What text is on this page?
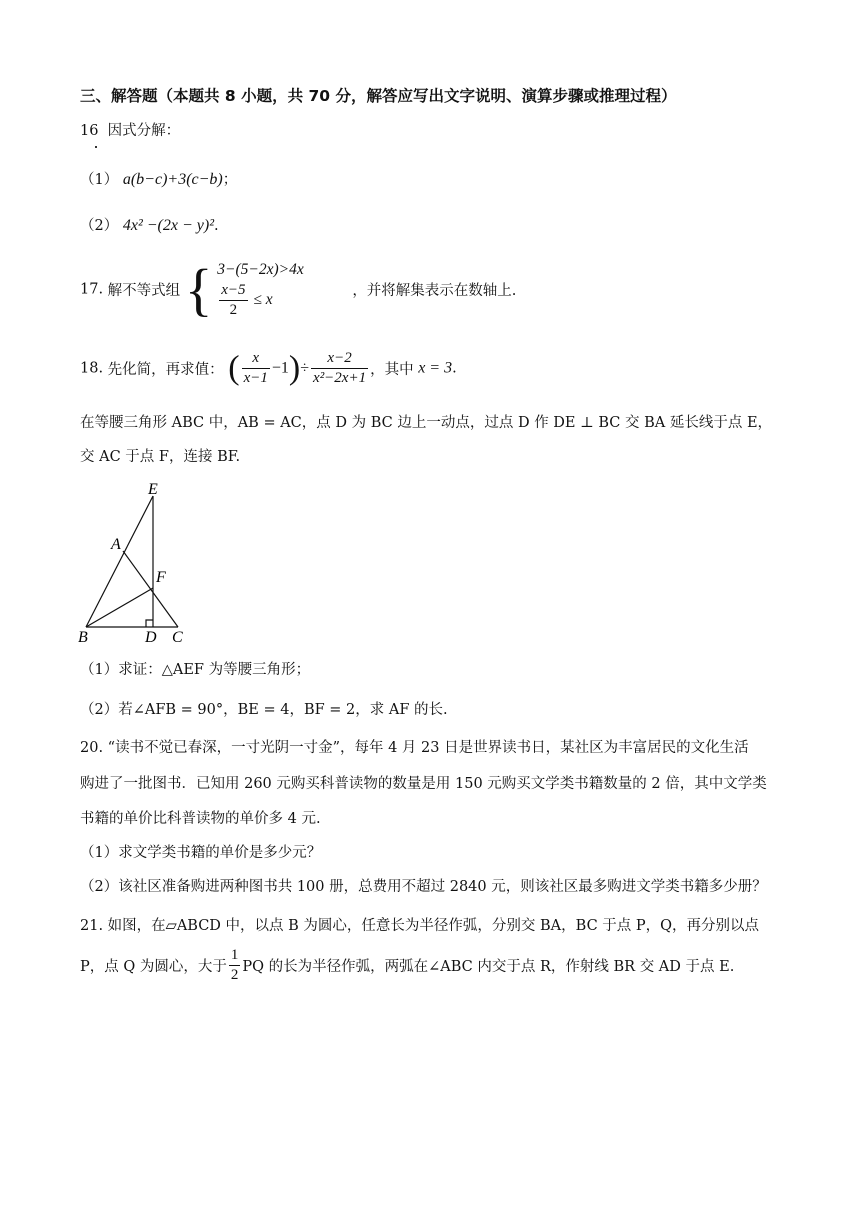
三、解答题（本题共 8 小题，共 70 分，解答应写出文字说明、演算步骤或推理过程）
16 因式分解：
（1） a(b−c)+3(c−b)；
（2） 4x² −(2x − y)².
17. 解不等式组 { 3−(5−2x)>4x
$\frac{x-5}{2} \le x$
，并将解集表示在数轴上.
18. 先化简，再求值： ( $\frac{x}{x-1} -1)\div \frac{x-2}{\text{x²−2x+1}}$ ，其中 x = 3.
在等腰三角形 ABC 中，AB = AC，点 D 为 BC 边上一动点，过点 D 作 DE ⊥ BC 交 BA 延长线于点 E，
交 AC 于点 F，连接 BF.
E
A
F
B	D C
（1）求证：△AEF 为等腰三角形；
（2）若∠AFB = 90°，BE = 4，BF = 2，求 AF 的长.
20. “读书不觉已春深，一寸光阴一寸金”，每年 4 月 23 日是世界读书日，某社区为丰富居民的文化生活
购进了一批图书．已知用 260 元购买科普读物的数量是用 150 元购买文学类书籍数量的 2 倍，其中文学类
书籍的单价比科普读物的单价多 4 元.
（1）求文学类书籍的单价是多少元？
（2）该社区准备购进两种图书共 100 册，总费用不超过 2840 元，则该社区最多购进文学类书籍多少册？
21. 如图，在▱ABCD 中，以点 B 为圆心，任意长为半径作弧，分别交 BA，BC 于点 P，Q，再分别以点
P，点 Q 为圆心，大于 $\frac{1}{2}$ PQ 的长为半径作弧，两弧在∠ABC 内交于点 R，作射线 BR 交 AD 于点 E.
